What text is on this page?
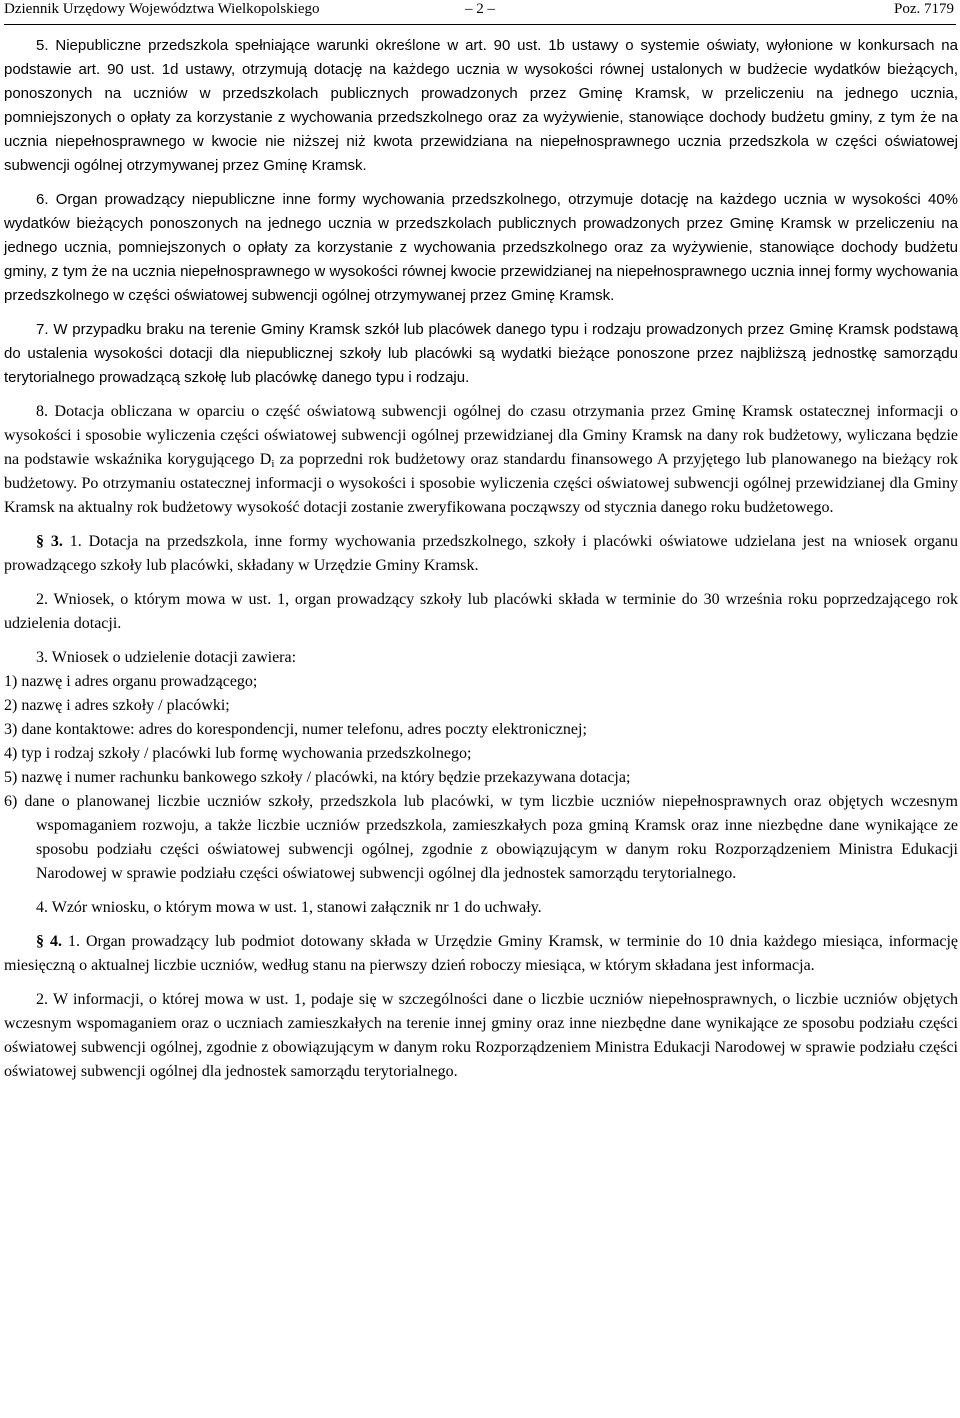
Dziennik Urzędowy Województwa Wielkopolskiego	– 2 –	Poz. 7179

5. Niepubliczne przedszkola spełniające warunki określone w art. 90 ust. 1b ustawy o systemie oświaty, wyłonione w konkursach na podstawie art. 90 ust. 1d ustawy, otrzymują dotację na każdego ucznia w wysokości równej ustalonych w budżecie wydatków bieżących, ponoszonych na uczniów w przedszkolach publicznych prowadzonych przez Gminę Kramsk, w przeliczeniu na jednego ucznia, pomniejszonych o opłaty za korzystanie z wychowania przedszkolnego oraz za wyżywienie, stanowiące dochody budżetu gminy, z tym że na ucznia niepełnosprawnego w kwocie nie niższej niż kwota przewidziana na niepełnosprawnego ucznia przedszkola w części oświatowej subwencji ogólnej otrzymywanej przez Gminę Kramsk.

6. Organ prowadzący niepubliczne inne formy wychowania przedszkolnego, otrzymuje dotację na każdego ucznia w wysokości 40% wydatków bieżących ponoszonych na jednego ucznia w przedszkolach publicznych prowadzonych przez Gminę Kramsk w przeliczeniu na jednego ucznia, pomniejszonych o opłaty za korzystanie z wychowania przedszkolnego oraz za wyżywienie, stanowiące dochody budżetu gminy, z tym że na ucznia niepełnosprawnego w wysokości równej kwocie przewidzianej na niepełnosprawnego ucznia innej formy wychowania przedszkolnego w części oświatowej subwencji ogólnej otrzymywanej przez Gminę Kramsk.

7. W przypadku braku na terenie Gminy Kramsk szkół lub placówek danego typu i rodzaju prowadzonych przez Gminę Kramsk podstawą do ustalenia wysokości dotacji dla niepublicznej szkoły lub placówki są wydatki bieżące ponoszone przez najbliższą jednostkę samorządu terytorialnego prowadzącą szkołę lub placówkę danego typu i rodzaju.

8. Dotacja obliczana w oparciu o część oświatową subwencji ogólnej do czasu otrzymania przez Gminę Kramsk ostatecznej informacji o wysokości i sposobie wyliczenia części oświatowej subwencji ogólnej przewidzianej dla Gminy Kramsk na dany rok budżetowy, wyliczana będzie na podstawie wskaźnika korygującego $D_i$ za poprzedni rok budżetowy oraz standardu finansowego A przyjętego lub planowanego na bieżący rok budżetowy. Po otrzymaniu ostatecznej informacji o wysokości i sposobie wyliczenia części oświatowej subwencji ogólnej przewidzianej dla Gminy Kramsk na aktualny rok budżetowy wysokość dotacji zostanie zweryfikowana począwszy od stycznia danego roku budżetowego.

§ 3. 1. Dotacja na przedszkola, inne formy wychowania przedszkolnego, szkoły i placówki oświatowe udzielana jest na wniosek organu prowadzącego szkoły lub placówki, składany w Urzędzie Gminy Kramsk.

2. Wniosek, o którym mowa w ust. 1, organ prowadzący szkoły lub placówki składa w terminie do 30 września roku poprzedzającego rok udzielenia dotacji.

3. Wniosek o udzielenie dotacji zawiera:

1) nazwę i adres organu prowadzącego;

2) nazwę i adres szkoły / placówki;

3) dane kontaktowe: adres do korespondencji, numer telefonu, adres poczty elektronicznej;

4) typ i rodzaj szkoły / placówki lub formę wychowania przedszkolnego;

5) nazwę i numer rachunku bankowego szkoły / placówki, na który będzie przekazywana dotacja;

6) dane o planowanej liczbie uczniów szkoły, przedszkola lub placówki, w tym liczbie uczniów niepełnosprawnych oraz objętych wczesnym wspomaganiem rozwoju, a także liczbie uczniów przedszkola, zamieszkałych poza gminą Kramsk oraz inne niezbędne dane wynikające ze sposobu podziału części oświatowej subwencji ogólnej, zgodnie z obowiązującym w danym roku Rozporządzeniem Ministra Edukacji Narodowej w sprawie podziału części oświatowej subwencji ogólnej dla jednostek samorządu terytorialnego.

4. Wzór wniosku, o którym mowa w ust. 1, stanowi załącznik nr 1 do uchwały.

§ 4. 1. Organ prowadzący lub podmiot dotowany składa w Urzędzie Gminy Kramsk, w terminie do 10 dnia każdego miesiąca, informację miesięczną o aktualnej liczbie uczniów, według stanu na pierwszy dzień roboczy miesiąca, w którym składana jest informacja.

2. W informacji, o której mowa w ust. 1, podaje się w szczególności dane o liczbie uczniów niepełnosprawnych, o liczbie uczniów objętych wczesnym wspomaganiem oraz o uczniach zamieszkałych na terenie innej gminy oraz inne niezbędne dane wynikające ze sposobu podziału części oświatowej subwencji ogólnej, zgodnie z obowiązującym w danym roku Rozporządzeniem Ministra Edukacji Narodowej w sprawie podziału części oświatowej subwencji ogólnej dla jednostek samorządu terytorialnego.
